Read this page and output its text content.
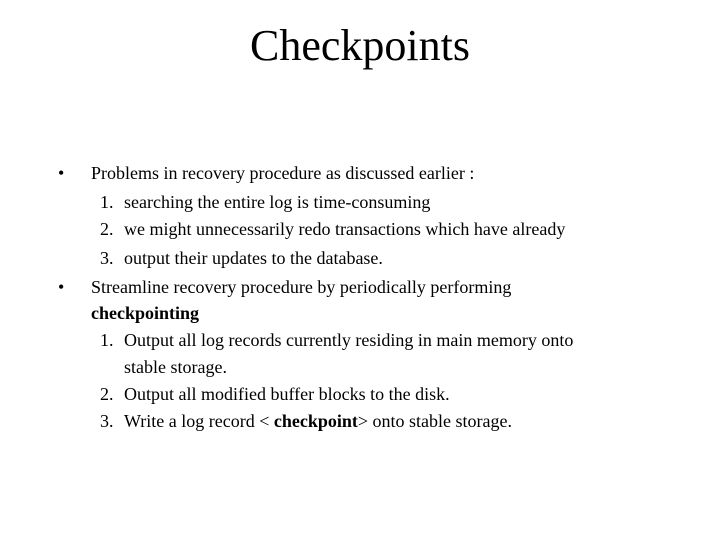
Checkpoints
• Problems in recovery procedure as discussed earlier :
1. searching the entire log is time-consuming
2. we might unnecessarily redo transactions which have already
3. output their updates to the database.
• Streamline recovery procedure by periodically performing
checkpointing
1. Output all log records currently residing in main memory onto
stable storage.
2. Output all modified buffer blocks to the disk.
3. Write a log record < checkpoint> onto stable storage.
